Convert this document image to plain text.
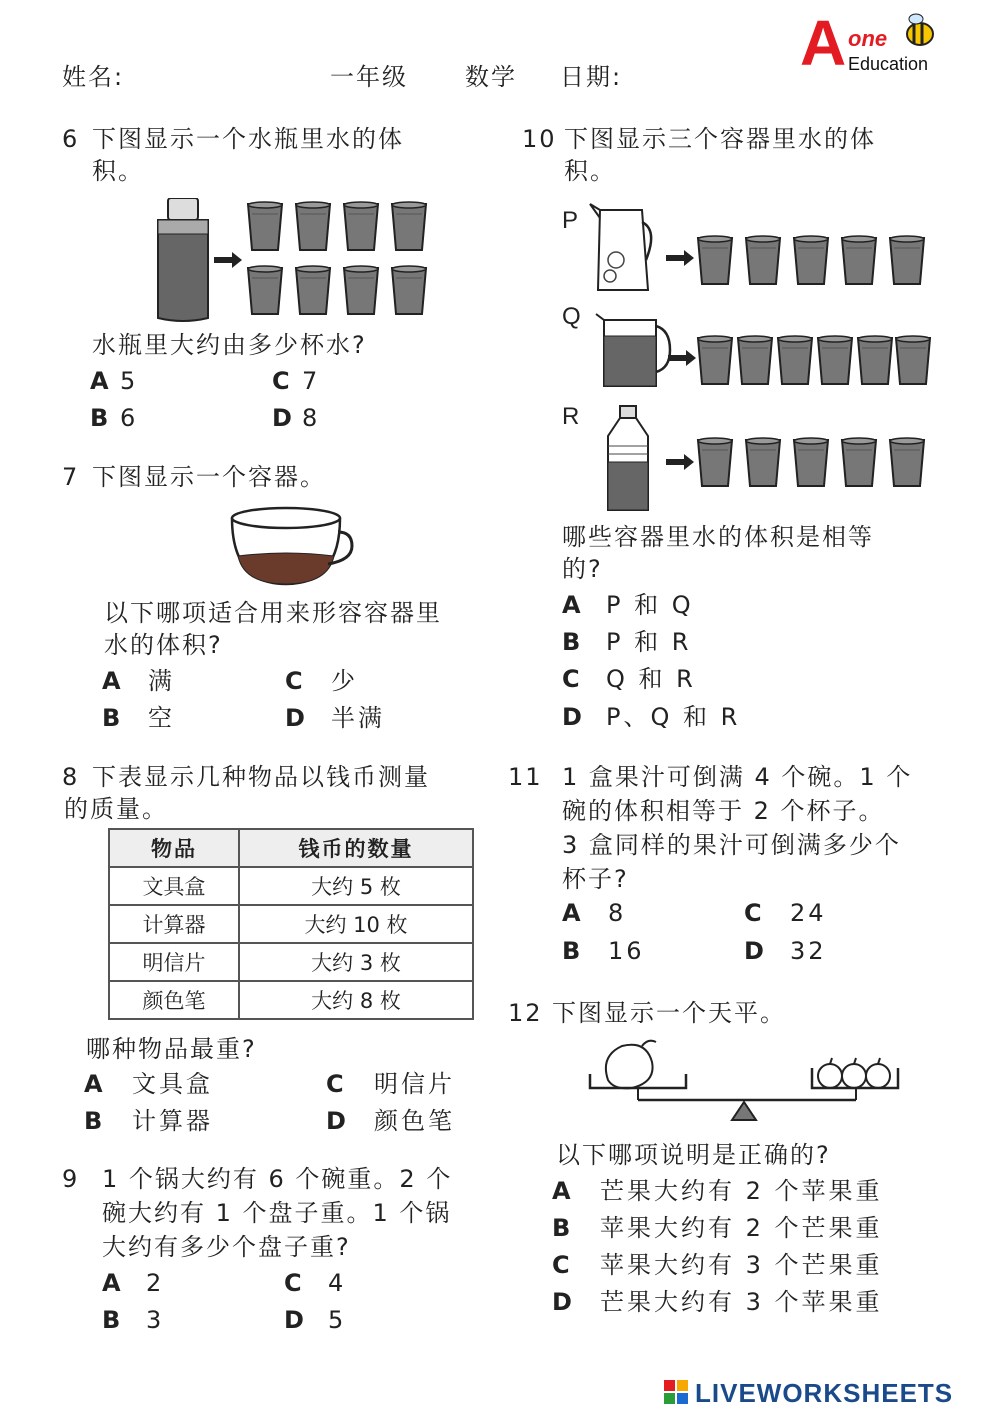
姓名:	一年级 数学 日期:	A one
Education
6 下图显示一个水瓶里水的体
积。
水瓶里大约由多少杯水?
A 5	C 7
B 6	D 8
7 下图显示一个容器。
以下哪项适合用来形容容器里
水的体积?
A 满	C 少
B 空	D 半满
8 下表显示几种物品以钱币测量
的质量。
物品	钱币的数量
文具盒	大约 5 枚
计算器	大约 10 枚
明信片	大约 3 枚
颜色笔	大约 8 枚
哪种物品最重?
A 文具盒	C 明信片
B 计算器	D 颜色笔
9 1 个锅大约有 6 个碗重。2 个
碗大约有 1 个盘子重。1 个锅
大约有多少个盘子重?
A 2	C 4
B 3	D 5
10 下图显示三个容器里水的体
积。
P
Q
R
哪些容器里水的体积是相等
的?
A P 和 Q
B P 和 R
C Q 和 R
D P、Q 和 R
11 1 盒果汁可倒满 4 个碗。1 个
碗的体积相等于 2 个杯子。
3 盒同样的果汁可倒满多少个
杯子?
A 8	C 24
B 16	D 32
12 下图显示一个天平。
以下哪项说明是正确的?
A 芒果大约有 2 个苹果重
B 苹果大约有 2 个芒果重
C 苹果大约有 3 个芒果重
D 芒果大约有 3 个苹果重
LIVEWORKSHEETS
